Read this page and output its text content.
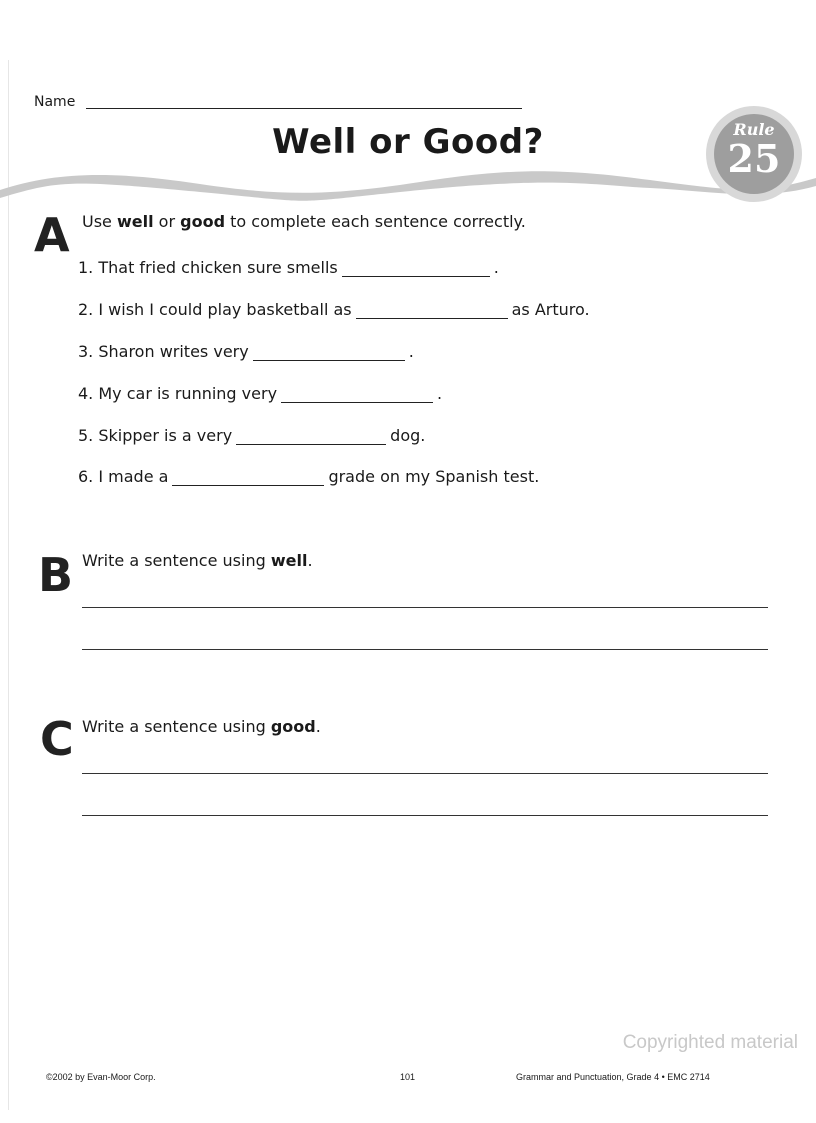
Name
Well or Good?	Rule
25
A Use well or good to complete each sentence correctly.
1. That fried chicken sure smells	.
2. I wish I could play basketball as	as Arturo.
3. Sharon writes very	.
4. My car is running very	.
5. Skipper is a very	dog.
6. I made a	grade on my Spanish test.
B Write a sentence using well.
C Write a sentence using good.
Copyrighted material
©2002 by Evan-Moor Corp.	101	Grammar and Punctuation, Grade 4 • EMC 2714
